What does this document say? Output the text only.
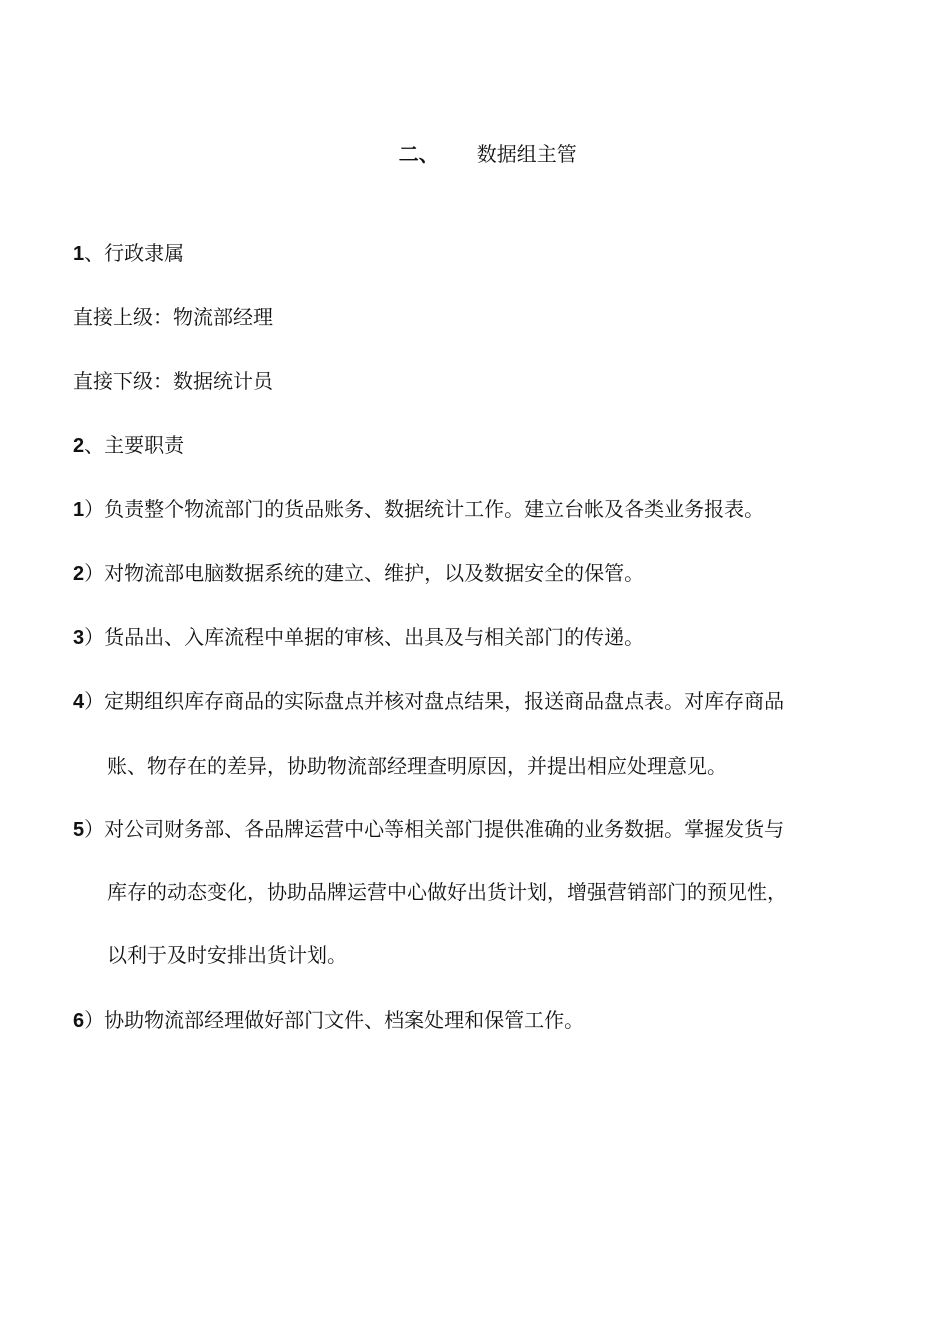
二、 数据组主管

1、行政隶属
直接上级：物流部经理
直接下级：数据统计员
2、主要职责
1）负责整个物流部门的货品账务、数据统计工作。建立台帐及各类业务报表。
2）对物流部电脑数据系统的建立、维护，以及数据安全的保管。
3）货品出、入库流程中单据的审核、出具及与相关部门的传递。
4）定期组织库存商品的实际盘点并核对盘点结果，报送商品盘点表。对库存商品
账、物存在的差异，协助物流部经理查明原因，并提出相应处理意见。
5）对公司财务部、各品牌运营中心等相关部门提供准确的业务数据。掌握发货与
库存的动态变化，协助品牌运营中心做好出货计划，增强营销部门的预见性，
以利于及时安排出货计划。
6）协助物流部经理做好部门文件、档案处理和保管工作。
